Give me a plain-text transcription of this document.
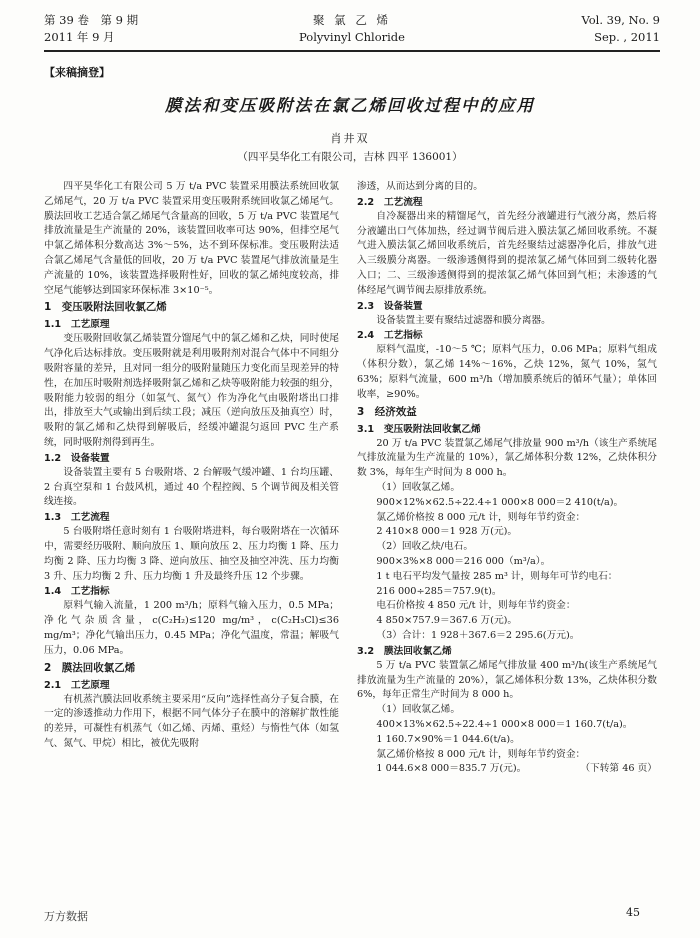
第 39 卷　第 9 期
2011 年 9 月
聚 氯 乙 烯
Polyvinyl Chloride
Vol. 39, No. 9
Sep. , 2011
【来稿摘登】
膜法和变压吸附法在氯乙烯回收过程中的应用
肖井双
（四平昊华化工有限公司，吉林 四平 136001）
四平昊华化工有限公司 5 万 t/a PVC 装置采用膜法系统回收氯乙烯尾气，20 万 t/a PVC 装置采用变压吸附系统回收氯乙烯尾气。膜法回收工艺适合氯乙烯尾气含量高的回收，5 万 t/a PVC 装置尾气排放流量是生产流量的 20%，该装置回收率可达 90%，但排空尾气中氯乙烯体积分数高达 3%～5%，达不到环保标准。变压吸附法适合氯乙烯尾气含量低的回收，20 万 t/a PVC 装置尾气排放流量是生产流量的 10%，该装置选择吸附性好，回收的氯乙烯纯度较高，排空尾气能够达到国家环保标准 3×10⁻⁵。
1　变压吸附法回收氯乙烯
1.1　工艺原理
变压吸附回收氯乙烯装置分馏尾气中的氯乙烯和乙炔，同时使尾气净化后达标排放。变压吸附就是利用吸附剂对混合气体中不同组分吸附容量的差异，且对同一组分的吸附量随压力变化而呈现差异的特性，在加压时吸附剂选择吸附氯乙烯和乙炔等吸附能力较强的组分，吸附能力较弱的组分（如氢气、氮气）作为净化气由吸附塔出口排出，排放至大气或输出到后续工段；减压（逆向放压及抽真空）时，吸附的氯乙烯和乙炔得到解吸后，经缓冲罐混匀返回 PVC 生产系统，同时吸附剂得到再生。
1.2　设备装置
设备装置主要有 5 台吸附塔、2 台解吸气缓冲罐、1 台均压罐、2 台真空泵和 1 台鼓风机，通过 40 个程控阀、5 个调节阀及相关管线连接。
1.3　工艺流程
5 台吸附塔任意时刻有 1 台吸附塔进料，每台吸附塔在一次循环中，需要经历吸附、顺向放压 1、顺向放压 2、压力均衡 1 降、压力均衡 2 降、压力均衡 3 降、逆向放压、抽空及抽空冲洗、压力均衡 3 升、压力均衡 2 升、压力均衡 1 升及最终升压 12 个步骤。
1.4　工艺指标
原料气输入流量，1 200 m³/h；原料气输入压力，0.5 MPa；净化气杂质含量，c(C₂H₂)≤120 mg/m³，c(C₂H₃Cl)≤36 mg/m³；净化气输出压力，0.45 MPa；净化气温度，常温；解吸气压力，0.06 MPa。
2　膜法回收氯乙烯
2.1　工艺原理
有机蒸汽膜法回收系统主要采用“反向”选择性高分子复合膜，在一定的渗透推动力作用下，根据不同气体分子在膜中的溶解扩散性能的差异，可凝性有机蒸气（如乙烯、丙烯、重烃）与惰性气体（如氢气、氮气、甲烷）相比，被优先吸附
渗透，从而达到分离的目的。
2.2　工艺流程
自冷凝器出来的精馏尾气，首先经分液罐进行气液分离，然后将分液罐出口气体加热，经过调节阀后进入膜法氯乙烯回收系统。不凝气进入膜法氯乙烯回收系统后，首先经聚结过滤器净化后，排放气进入三级膜分离器。一级渗透侧得到的提浓氯乙烯气体回到二级转化器入口；二、三级渗透侧得到的提浓氯乙烯气体回到气柜；未渗透的气体经尾气调节阀去原排放系统。
2.3　设备装置
设备装置主要有聚结过滤器和膜分离器。
2.4　工艺指标
原料气温度，-10～5 ℃；原料气压力，0.06 MPa；原料气组成（体积分数），氯乙烯 14%～16%，乙炔 12%，氮气 10%，氢气 63%；原料气流量，600 m³/h（增加膜系统后的循环气量）；单体回收率，≥90%。
3　经济效益
3.1　变压吸附法回收氯乙烯
20 万 t/a PVC 装置氯乙烯尾气排放量 900 m³/h（该生产系统尾气排放流量为生产流量的 10%），氯乙烯体积分数 12%，乙炔体积分数 3%，每年生产时间为 8 000 h。
（1）回收氯乙烯。
900×12%×62.5÷22.4÷1 000×8 000＝2 410(t/a)。
氯乙烯价格按 8 000 元/t 计，则每年节约资金：
2 410×8 000＝1 928 万(元)。
（2）回收乙炔/电石。
900×3%×8 000＝216 000（m³/a）。
1 t 电石平均发气量按 285 m³ 计，则每年可节约电石：
216 000÷285＝757.9(t)。
电石价格按 4 850 元/t 计，则每年节约资金：
4 850×757.9＝367.6 万(元)。
（3）合计：1 928＋367.6＝2 295.6(万元)。
3.2　膜法回收氯乙烯
5 万 t/a PVC 装置氯乙烯尾气排放量 400 m³/h(该生产系统尾气排放流量为生产流量的 20%），氯乙烯体积分数 13%，乙炔体积分数 6%，每年正常生产时间为 8 000 h。
（1）回收氯乙烯。
400×13%×62.5÷22.4÷1 000×8 000＝1 160.7(t/a)。
1 160.7×90%＝1 044.6(t/a)。
氯乙烯价格按 8 000 元/t 计，则每年节约资金：
1 044.6×8 000＝835.7 万(元)。	（下转第 46 页）
万方数据	45
